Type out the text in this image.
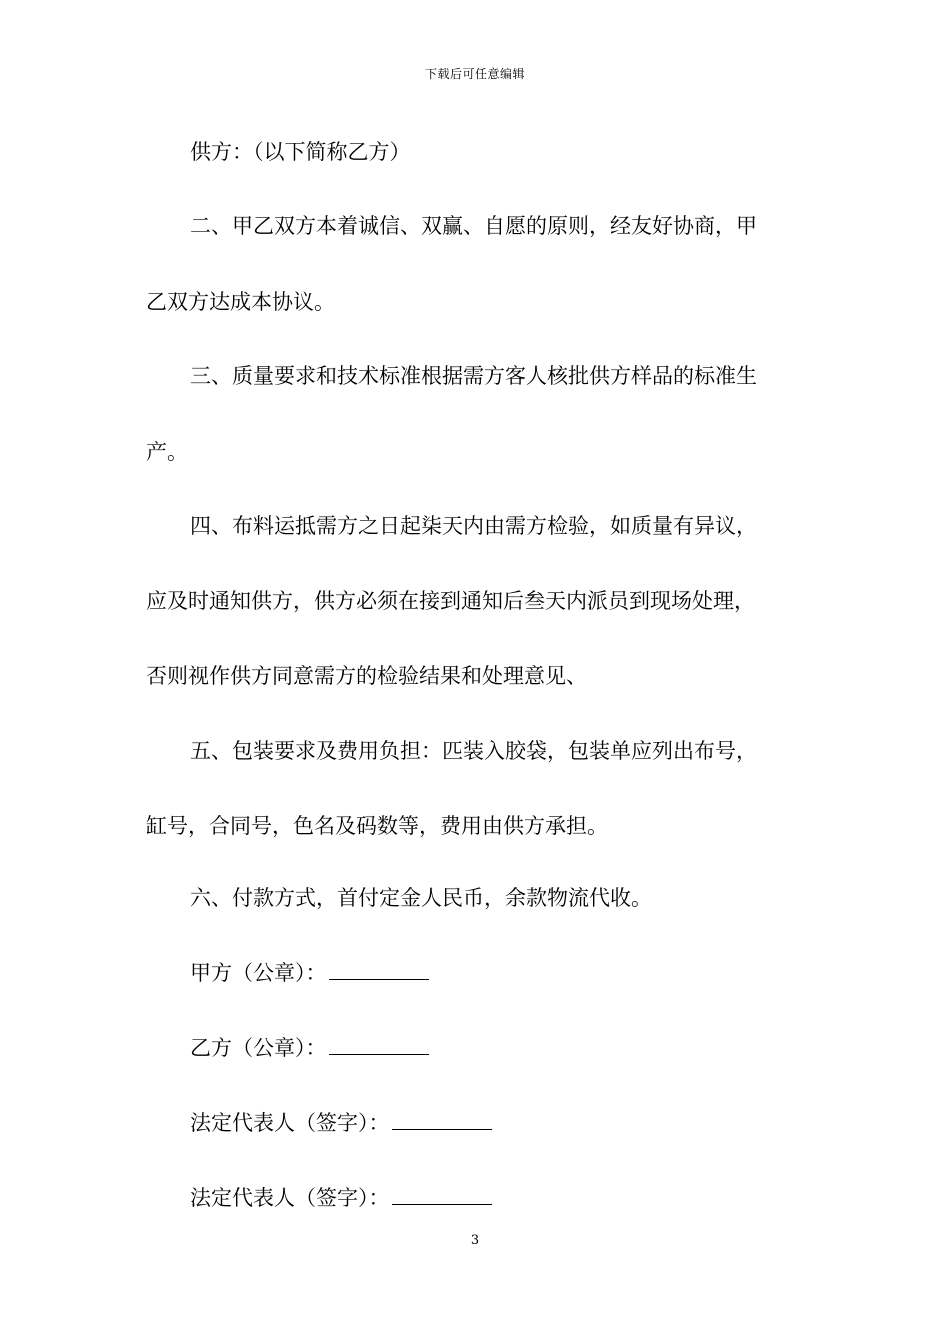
下载后可任意编辑
供方：（以下简称乙方）
二、甲乙双方本着诚信、双赢、自愿的原则，经友好协商，甲
乙双方达成本协议。
三、质量要求和技术标准根据需方客人核批供方样品的标准生
产。
四、布料运抵需方之日起柒天内由需方检验，如质量有异议，
应及时通知供方，供方必须在接到通知后叁天内派员到现场处理，
否则视作供方同意需方的检验结果和处理意见、
五、包装要求及费用负担：匹装入胶袋，包装单应列出布号，
缸号，合同号，色名及码数等，费用由供方承担。
六、付款方式，首付定金人民币，余款物流代收。
甲方（公章）：
乙方（公章）：
法定代表人（签字）：
法定代表人（签字）：
3
